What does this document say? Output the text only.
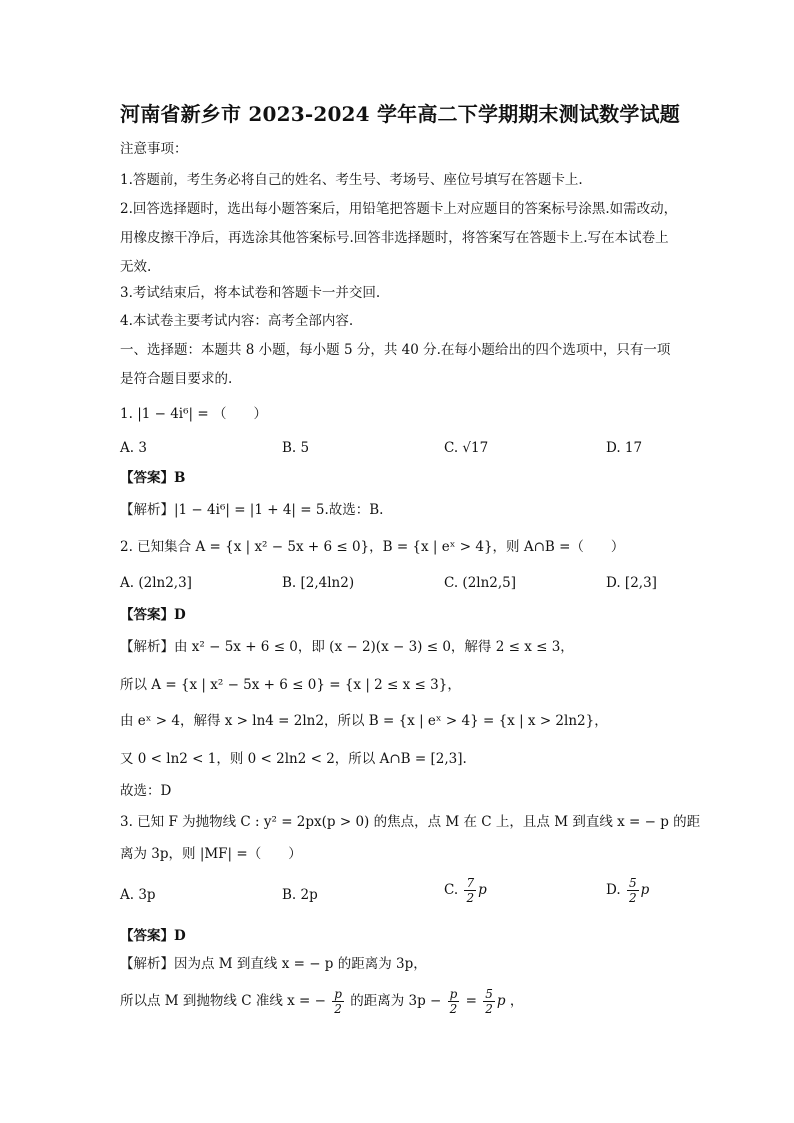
河南省新乡市 2023-2024 学年高二下学期期末测试数学试题
注意事项：
1.答题前，考生务必将自己的姓名、考生号、考场号、座位号填写在答题卡上.
2.回答选择题时，选出每小题答案后，用铅笔把答题卡上对应题目的答案标号涂黑.如需改动，用橡皮擦干净后，再选涂其他答案标号.回答非选择题时，将答案写在答题卡上.写在本试卷上无效.
3.考试结束后，将本试卷和答题卡一并交回.
4.本试卷主要考试内容：高考全部内容.
一、选择题：本题共 8 小题，每小题 5 分，共 40 分.在每小题给出的四个选项中，只有一项是符合题目要求的.
1. |1 − 4i⁶| = （　　）
A. 3	B. 5	C. √17	D. 17
【答案】B
【解析】|1 − 4i⁶| = |1 + 4| = 5.故选：B.
2. 已知集合 A = {x | x² − 5x + 6 ≤ 0}，B = {x | eˣ > 4}，则 A∩B =（　　）
A. (2ln2,3]	B. [2,4ln2)	C. (2ln2,5]	D. [2,3]
【答案】D
【解析】由 x² − 5x + 6 ≤ 0，即 (x − 2)(x − 3) ≤ 0，解得 2 ≤ x ≤ 3，
所以 A = {x | x² − 5x + 6 ≤ 0} = {x | 2 ≤ x ≤ 3}，
由 eˣ > 4，解得 x > ln4 = 2ln2，所以 B = {x | eˣ > 4} = {x | x > 2ln2}，
又 0 < ln2 < 1，则 0 < 2ln2 < 2，所以 A∩B = [2,3].
故选：D
3. 已知 F 为抛物线 C : y² = 2px(p > 0) 的焦点，点 M 在 C 上，且点 M 到直线 x = − p 的距
离为 3p，则 |MF| =（　　）
A. 3p	B. 2p	C. $\frac{7}{2}$ p	D. $\frac{5}{2}$ p
【答案】D
【解析】因为点 M 到直线 x = − p 的距离为 3p，
所以点 M 到抛物线 C 准线 x = − $\frac{p}{2}$ 的距离为 $3p - \frac{p}{2} = \frac{5}{2}$ p ，
